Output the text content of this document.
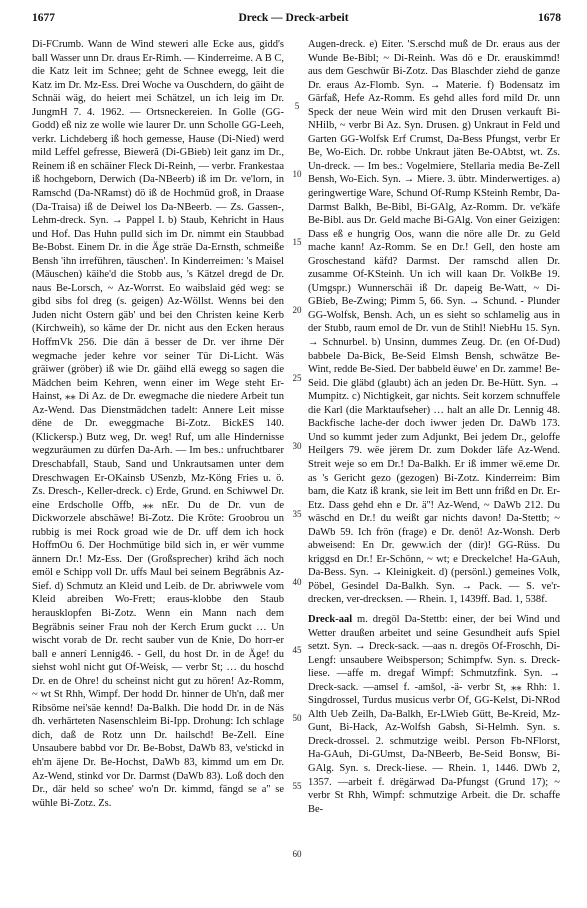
1677	Dreck — Dreck-arbeit	1678

Di-FCrumb. Wann de Wind steweri alle Ecke aus, gidd's ball Wasser unn Dr. draus Er-Rimh. — Kinderreime. A B C, die Katz leit im Schnee; geht de Schnee ewegg, leit die Katz im Dr. Mz-Ess. Drei Woche va Ouschdern, do gäiht de Schnäi wäg, do heiert mei Schätzel, un ich leig im Dr. JungmH 7. 4. 1962. — Ortsneckereien. In Golle (GG-Godd) eß niz ze wolle wie laurer Dr. unn Scholle GG-Leeh, verkr. Lichdeberg iß hoch gemesse, Hause (Di-Nied) werd mild Leffel gefresse, Bieweră (Di-GBieb) leit ganz im Dr., Reinem iß en schäiner Fleck Di-Reinh, — verbr. Frankestaa iß hochgeborn, Derwich (Da-NBeerb) iß im Dr. ve'lorn, in Ramschd (Da-NRamst) dö iß de Hochmüd groß, in Draase (Da-Traisa) iß de Deiwel los Da-NBeerb. — Zs. Gassen-, Lehm-dreck. Syn. → Pappel I. b) Staub, Kehricht in Haus und Hof. Das Huhn pulld sich im Dr. nimmt ein Staubbad Be-Bobst. Einem Dr. in die Äge sträe Da-Ernsth, schmeiße Bensh 'ihn irreführen, täuschen'. In Kinderreimen: 's Maisel (Mäuschen) käihe'd die Stobb aus, 's Kätzel dregd de Dr. naus Be-Lorsch, ~ Az-Worrst. Eo waibslaid géd weg: se gibd sibs fol dreg (s. geigen) Az-Wöllst. Wenns bei den Juden nicht Ostern gäb' und bei den Christen keine Kerb (Kirchweih), so käme der Dr. nicht aus den Ecken heraus HoffmVk 256. Die dän ä besser de Dr. ver ihrne Dër wegmache jeder kehre vor seiner Tür Di-Licht. Wäs gräiwer (gröber) iß wie Dr. gäihd ellä ewegg so sagen die Mädchen beim Kehren, wenn einer im Wege steht Er-Hainst, ⁎⁎ Di Az. de Dr. ewegmache die niedere Arbeit tun Az-Wend. Das Dienstmädchen tadelt: Annere Leit misse dëne de Dr. eweggmache Bi-Zotz. BickES 140. (Klickersp.) Butz weg, Dr. weg! Ruf, um alle Hindernisse wegzuräumen zu dürfen Da-Arh. — Im bes.: unfruchtbarer Dreschabfall, Staub, Sand und Unkrautsamen unter dem Dreschwagen Er-OKainsb USenzb, Mz-Köng Fries u. ö. Zs. Dresch-, Keller-dreck. c) Erde, Grund. en Schiwwel Dr. eine Erdscholle Offb, ⁎⁎ nEr. Du de Dr. vun de Dickworzele abschäwe! Bi-Zotz. Die Kröte: Groobrou un rubbig is mei Rock groad wie de Dr. uff dem ich hock HoffmOu 6. Der Hochmütige bild sich in, er wër vumme ännern Dr.! Mz-Ess. Der (Großsprecher) krihd äch noch emöl e Schipp voll Dr. uffs Maul bei seinem Begräbnis Az-Sief. d) Schmutz an Kleid und Leib. de Dr. abriwwele vom Kleid abreiben Wo-Frett; eraus-klobbe den Staub herausklopfen Bi-Zotz. Wenn ein Mann nach dem Begräbnis seiner Frau noh der Kerch Erum guckt … Un wischt vorab de Dr. recht sauber vun de Knie, Do horr-er ball e annerí Lennig46. - Gell, du host Dr. in de Äge! du siehst wohl nicht gut Of-Weisk, — verbr St; … du hoschd Dr. en de Ohre! du scheinst nicht gut zu hören! Az-Romm, ~ wt St Rhh, Wimpf. Der hodd Dr. hinner de Uh'n, daß mer Ribsöme nei'säe kennd! Da-Balkh. Die hodd Dr. in de Näs dh. verhärteten Nasenschleim Bi-Ipp. Drohung: Ich schlage dich, daß de Rotz unn Dr. hailschd! Be-Zell. Eine Unsaubere babbd vor Dr. Be-Bobst, DaWb 83, ve'stickd in eh'm äjene Dr. Be-Hochst, DaWb 83, kimmd um em Dr. Az-Wend, stinkd vor Dr. Darmst (DaWb 83). Loß doch den Dr., där held so schee' wo'n Dr. kimmd, fängd se a'' se wühle Bi-Zotz. Zs.

5
10
15
20
25
30
35
40
45
50
55
60

Augen-dreck. e) Eiter. 'S.erschd muß de Dr. eraus aus der Wunde Be-Bibl; ~ Di-Reinh. Was dö e Dr. erauskimmd! aus dem Geschwür Bi-Zotz. Das Blaschder ziehd de ganze Dr. eraus Az-Flomb. Syn. → Materie. f) Bodensatz im Gärfaß, Hefe Az-Romm. Es gehd alles ford mild Dr. unn Speck der neue Wein wird mit den Drusen verkauft Bi-NHilb, ~ verbr Bi Az. Syn. Drusen. g) Unkraut in Feld und Garten GG-Wolfsk Erf Crumst, Da-Bess Pfungst, verbr Er Be, Wo-Eich. Dr. robbe Unkraut jäten Be-OAbtst, wt. Zs. Un-dreck. — Im bes.: Vogelmiere, Stellaria media Be-Zell Bensh, Wo-Eich. Syn. → Miere. 3. übtr. Minderwertiges. a) geringwertige Ware, Schund Of-Rump KSteinh Rembr, Da-Darmst Balkh, Be-Bibl, Bi-GAlg, Az-Romm. Dr. ve'käfe Be-Bibl. aus Dr. Geld mache Bi-GAlg. Von einer Geizigen: Dass eß e hungrig Oos, wann die nöre alle Dr. zu Geld mache kann! Az-Romm. Se en Dr.! Gell, den hoste am Groschestand käfd? Darmst. Der ramschd allen Dr. zusamme Of-KSteinh. Un ich will kaan Dr. VolkBe 19. (Umgspr.) Wunnerschäi iß Dr. dapeig Be-Watt, ~ Di-GBieb, Be-Zwing; Pimm 5, 66. Syn. → Schund. - Plunder GG-Wolfsk, Bensh. Ach, un es sieht so schlamelig aus in der Stubb, raum emol de Dr. vun de Stihl! NiebHu 15. Syn. → Schnurbel. b) Unsinn, dummes Zeug. Dr. (en Of-Dud) babbele Da-Bick, Be-Seid Elmsh Bensh, schwätze Be-Wint, redde Be-Sied. Der babbeld ëuwe' en Dr. zamme! Be-Seid. Die gläbd (glaubt) äch an jeden Dr. Be-Hütt. Syn. → Mumpitz. c) Nichtigkeit, gar nichts. Seit korzem schnuffele die Karl (die Marktaufseher) … halt an alle Dr. Lennig 48. Backfische lache-der doch iwwer jeden Dr. DaWb 173. Und so kummt jeder zum Adjunkt, Bei jedem Dr., geloffe Heilgers 79. wëe jërem Dr. zum Dokder läfe Az-Wend. Streit weje so em Dr.! Da-Balkh. Er iß immer wë.eme Dr. as 's Gericht gezo (gezogen) Bi-Zotz. Kinderreim: Bim bam, die Katz iß krank, sie leit im Bett unn frißd en Dr. Er-Etz. Dass gehd ehn e Dr. ä''! Az-Wend, ~ DaWb 212. Du wäschd en Dr.! du weißt gar nichts davon! Da-Stettb; ~ DaWb 59. Ich frön (frage) e Dr. denö! Az-Wonsh. Derb abweisend: En Dr. geww.ich der (dir)! GG-Rüss. Du kriggsd en Dr.! Er-Schönn, ~ wt; e Dreckelche! Ha-GAuh, Da-Bess. Syn. → Kleinigkeit. d) (persönl.) gemeines Volk, Pöbel, Gesindel Da-Balkh. Syn. → Pack. — S. ve'r-drecken, ver-drecksen. — Rhein. 1, 1439ff. Bad. 1, 538f.

Dreck-aal m. dregöl Da-Stettb: einer, der bei Wind und Wetter draußen arbeitet und seine Gesundheit aufs Spiel setzt. Syn. → Dreck-sack. —aas n. dregös Of-Froschh, Di-Lengf: unsaubere Weibsperson; Schimpfw. Syn. s. Dreck-liese. —affe m. dregaf Wimpf: Schmutzfink. Syn. → Dreck-sack. —amsel f. -amšol, -ä- verbr St, ⁎⁎ Rhh: 1. Singdrossel, Turdus musicus verbr Of, GG-Kelst, Di-NRod Alth Ueb Zeilh, Da-Balkh, Er-LWieb Gütt, Be-Kreid, Mz-Gunt, Bi-Hack, Az-Wolfsh Gabsh, Si-Helmh. Syn. s. Dreck-drossel. 2. schmutzige weibl. Person Fb-NFlorst, Ha-GAuh, Di-GUmst, Da-NBeerb, Be-Seid Bonsw, Bi-GAlg. Syn. s. Dreck-liese. — Rhein. 1, 1446. DWb 2, 1357. —arbeit f. drëgärwəd Da-Pfungst (Grund 17); ~ verbr St Rhh, Wimpf: schmutzige Arbeit. die Dr. schaffe Be-
